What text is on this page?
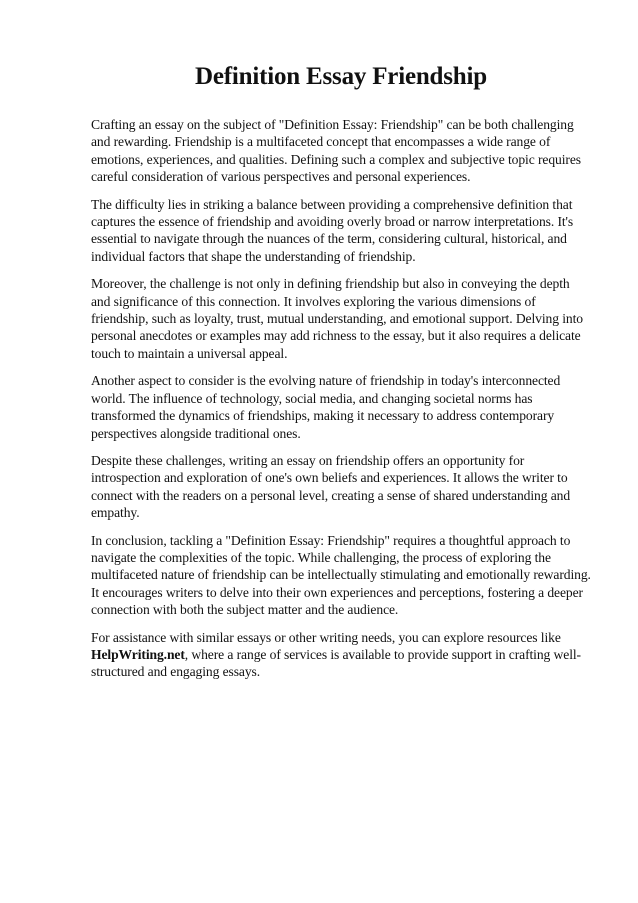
Definition Essay Friendship

Crafting an essay on the subject of "Definition Essay: Friendship" can be both challenging and rewarding. Friendship is a multifaceted concept that encompasses a wide range of emotions, experiences, and qualities. Defining such a complex and subjective topic requires careful consideration of various perspectives and personal experiences.

The difficulty lies in striking a balance between providing a comprehensive definition that captures the essence of friendship and avoiding overly broad or narrow interpretations. It's essential to navigate through the nuances of the term, considering cultural, historical, and individual factors that shape the understanding of friendship.

Moreover, the challenge is not only in defining friendship but also in conveying the depth and significance of this connection. It involves exploring the various dimensions of friendship, such as loyalty, trust, mutual understanding, and emotional support. Delving into personal anecdotes or examples may add richness to the essay, but it also requires a delicate touch to maintain a universal appeal.

Another aspect to consider is the evolving nature of friendship in today's interconnected world. The influence of technology, social media, and changing societal norms has transformed the dynamics of friendships, making it necessary to address contemporary perspectives alongside traditional ones.

Despite these challenges, writing an essay on friendship offers an opportunity for introspection and exploration of one's own beliefs and experiences. It allows the writer to connect with the readers on a personal level, creating a sense of shared understanding and empathy.

In conclusion, tackling a "Definition Essay: Friendship" requires a thoughtful approach to navigate the complexities of the topic. While challenging, the process of exploring the multifaceted nature of friendship can be intellectually stimulating and emotionally rewarding. It encourages writers to delve into their own experiences and perceptions, fostering a deeper connection with both the subject matter and the audience.

For assistance with similar essays or other writing needs, you can explore resources like HelpWriting.net, where a range of services is available to provide support in crafting well-structured and engaging essays.
